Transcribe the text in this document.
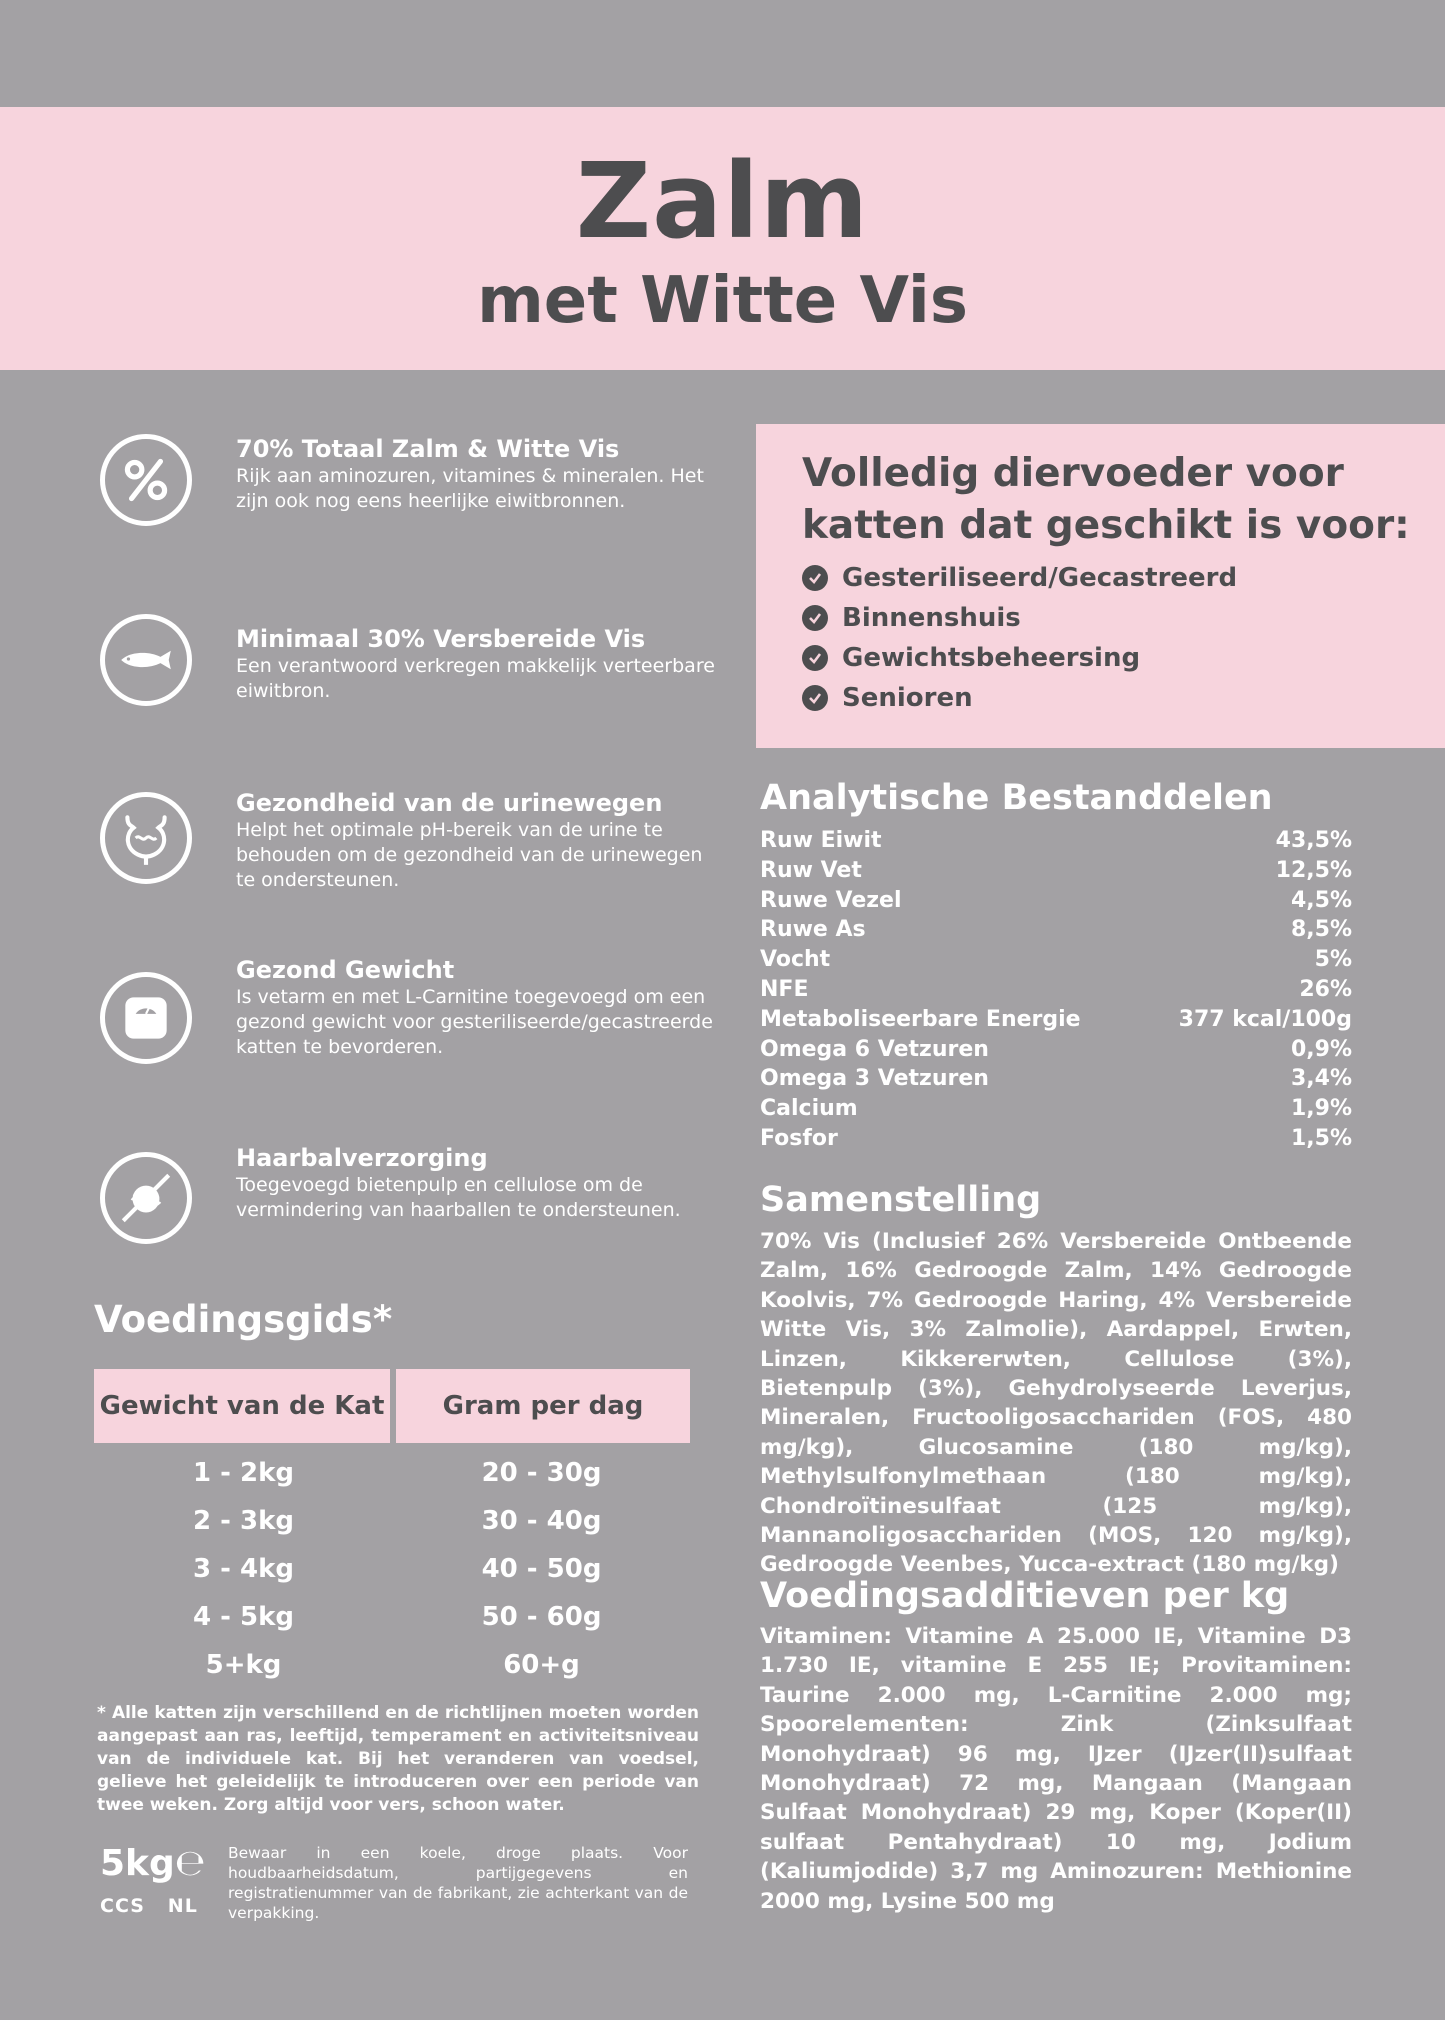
Zalm
met Witte Vis
70% Totaal Zalm & Witte Vis
Rijk aan aminozuren, vitamines & mineralen. Het zijn ook nog eens heerlijke eiwitbronnen.
Minimaal 30% Versbereide Vis
Een verantwoord verkregen makkelijk verteerbare eiwitbron.
Gezondheid van de urinewegen
Helpt het optimale pH-bereik van de urine te behouden om de gezondheid van de urinewegen te ondersteunen.
Gezond Gewicht
Is vetarm en met L-Carnitine toegevoegd om een gezond gewicht voor gesteriliseerde/gecastreerde katten te bevorderen.
Haarbalverzorging
Toegevoegd bietenpulp en cellulose om de vermindering van haarballen te ondersteunen.
Voedingsgids*
Gewicht van de Kat	Gram per dag
1 - 2kg	20 - 30g
2 - 3kg	30 - 40g
3 - 4kg	40 - 50g
4 - 5kg	50 - 60g
5+kg	60+g
* Alle katten zijn verschillend en de richtlijnen moeten worden aangepast aan ras, leeftijd, temperament en activiteitsniveau van de individuele kat. Bij het veranderen van voedsel, gelieve het geleidelijk te introduceren over een periode van twee weken. Zorg altijd voor vers, schoon water.
5kg℮
CCS NL
Bewaar in een koele, droge plaats. Voor houdbaarheidsdatum, partijgegevens en registratienummer van de fabrikant, zie achterkant van de verpakking.
Volledig diervoeder voor katten dat geschikt is voor:
Gesteriliseerd/Gecastreerd
Binnenshuis
Gewichtsbeheersing
Senioren
Analytische Bestanddelen
Ruw Eiwit	43,5%
Ruw Vet	12,5%
Ruwe Vezel	4,5%
Ruwe As	8,5%
Vocht	5%
NFE	26%
Metaboliseerbare Energie	377 kcal/100g
Omega 6 Vetzuren	0,9%
Omega 3 Vetzuren	3,4%
Calcium	1,9%
Fosfor	1,5%
Samenstelling
70% Vis (Inclusief 26% Versbereide Ontbeende Zalm, 16% Gedroogde Zalm, 14% Gedroogde Koolvis, 7% Gedroogde Haring, 4% Versbereide Witte Vis, 3% Zalmolie), Aardappel, Erwten, Linzen, Kikkererwten, Cellulose (3%), Bietenpulp (3%), Gehydrolyseerde Leverjus, Mineralen, Fructooligosacchariden (FOS, 480 mg/kg), Glucosamine (180 mg/kg), Methylsulfonylmethaan (180 mg/kg), Chondroïtinesulfaat (125 mg/kg), Mannanoligosacchariden (MOS, 120 mg/kg), Gedroogde Veenbes, Yucca-extract (180 mg/kg)
Voedingsadditieven per kg
Vitaminen: Vitamine A 25.000 IE, Vitamine D3 1.730 IE, vitamine E 255 IE; Provitaminen: Taurine 2.000 mg, L-Carnitine 2.000 mg; Spoorelementen: Zink (Zinksulfaat Monohydraat) 96 mg, IJzer (IJzer(II)sulfaat Monohydraat) 72 mg, Mangaan (Mangaan Sulfaat Monohydraat) 29 mg, Koper (Koper(II) sulfaat Pentahydraat) 10 mg, Jodium (Kaliumjodide) 3,7 mg Aminozuren: Methionine 2000 mg, Lysine 500 mg
